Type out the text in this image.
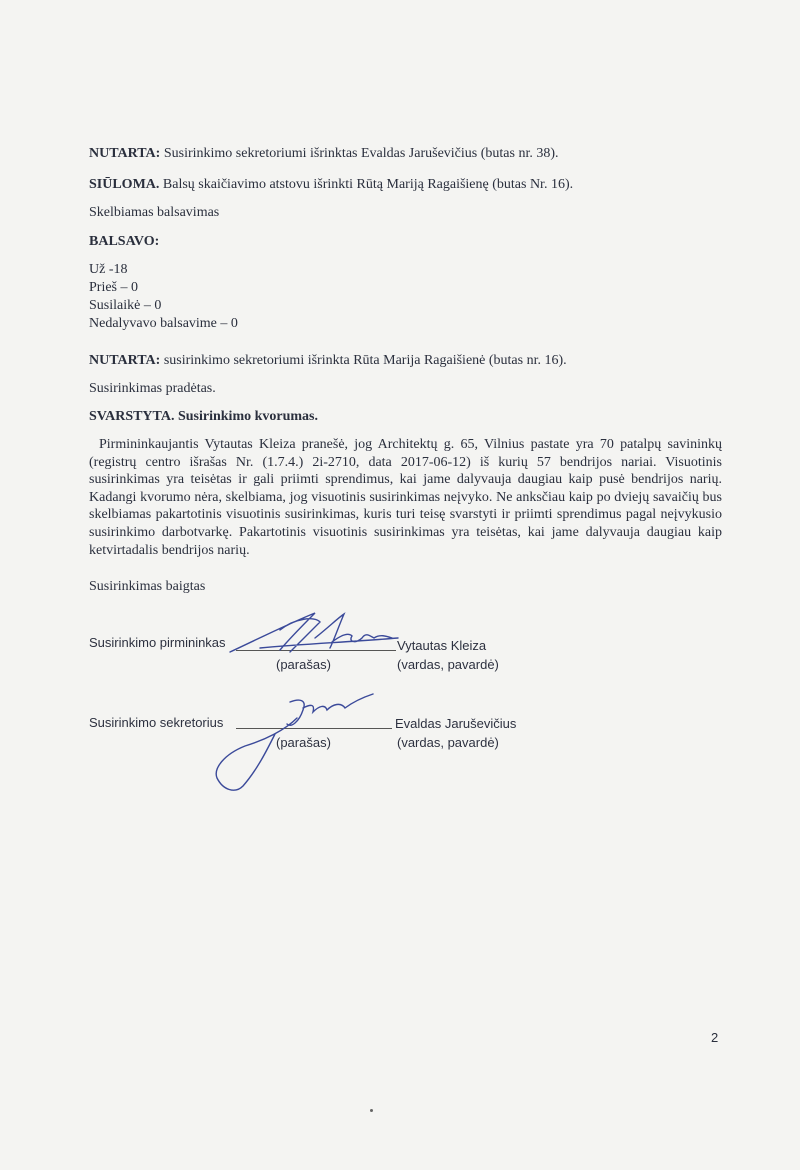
NUTARTA: Susirinkimo sekretoriumi išrinktas Evaldas Jaruševičius (butas nr. 38).
SIŪLOMA. Balsų skaičiavimo atstovu išrinkti Rūtą Mariją Ragaišienę (butas Nr. 16).
Skelbiamas balsavimas
BALSAVO:
Už -18
Prieš – 0
Susilaikė – 0
Nedalyvavo balsavime – 0
NUTARTA: susirinkimo sekretoriumi išrinkta Rūta Marija Ragaišienė (butas nr. 16).
Susirinkimas pradėtas.
SVARSTYTA. Susirinkimo kvorumas.
Pirmininkaujantis Vytautas Kleiza pranešė, jog Architektų g. 65, Vilnius pastate yra 70 patalpų savininkų (registrų centro išrašas Nr. (1.7.4.) 2i-2710, data 2017-06-12) iš kurių 57 bendrijos nariai. Visuotinis susirinkimas yra teisėtas ir gali priimti sprendimus, kai jame dalyvauja daugiau kaip pusė bendrijos narių. Kadangi kvorumo nėra, skelbiama, jog visuotinis susirinkimas neįvyko. Ne anksčiau kaip po dviejų savaičių bus skelbiamas pakartotinis visuotinis susirinkimas, kuris turi teisę svarstyti ir priimti sprendimus pagal neįvykusio susirinkimo darbotvarkę. Pakartotinis visuotinis susirinkimas yra teisėtas, kai jame dalyvauja daugiau kaip ketvirtadalis bendrijos narių.
Susirinkimas baigtas
Susirinkimo pirmininkas	Vytautas Kleiza
(parašas)	(vardas, pavardė)
Susirinkimo sekretorius	Evaldas Jaruševičius
(parašas)	(vardas, pavardė)
2
